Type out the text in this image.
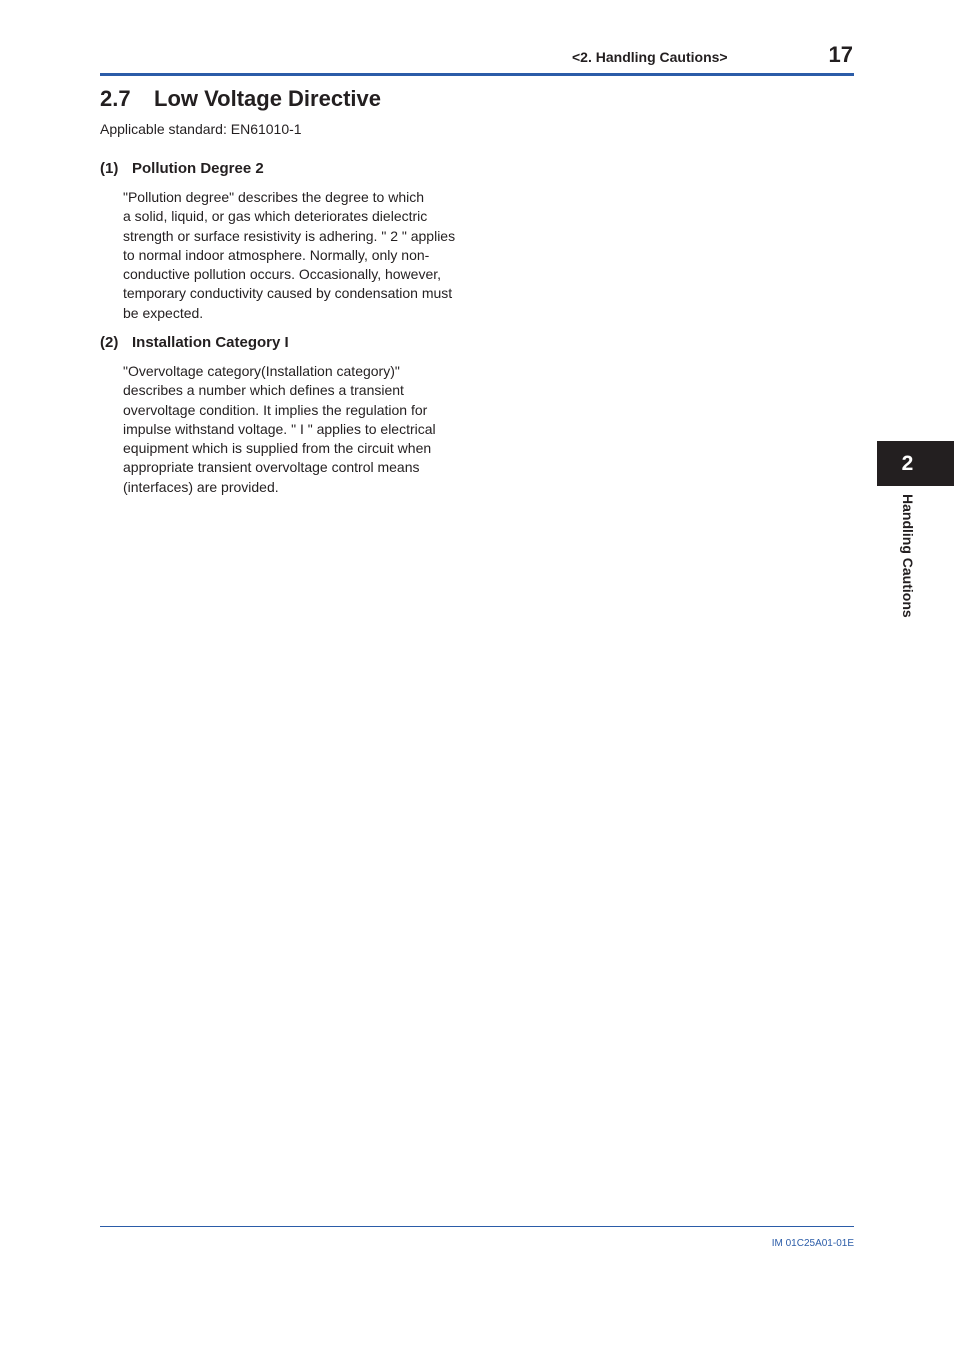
<2. Handling Cautions>	17
2.7 Low Voltage Directive
Applicable standard: EN61010-1
(1) Pollution Degree 2

"Pollution degree" describes the degree to which
a solid, liquid, or gas which deteriorates dielectric
strength or surface resistivity is adhering. " 2 " applies
to normal indoor atmosphere. Normally, only non-
conductive pollution occurs. Occasionally, however,
temporary conductivity caused by condensation must
be expected.

(2) Installation Category I

"Overvoltage category(Installation category)"
describes a number which defines a transient
overvoltage condition. It implies the regulation for
impulse withstand voltage. " I " applies to electrical
equipment which is supplied from the circuit when
appropriate transient overvoltage control means
(interfaces) are provided.

2
Handling Cautions
IM 01C25A01-01E
